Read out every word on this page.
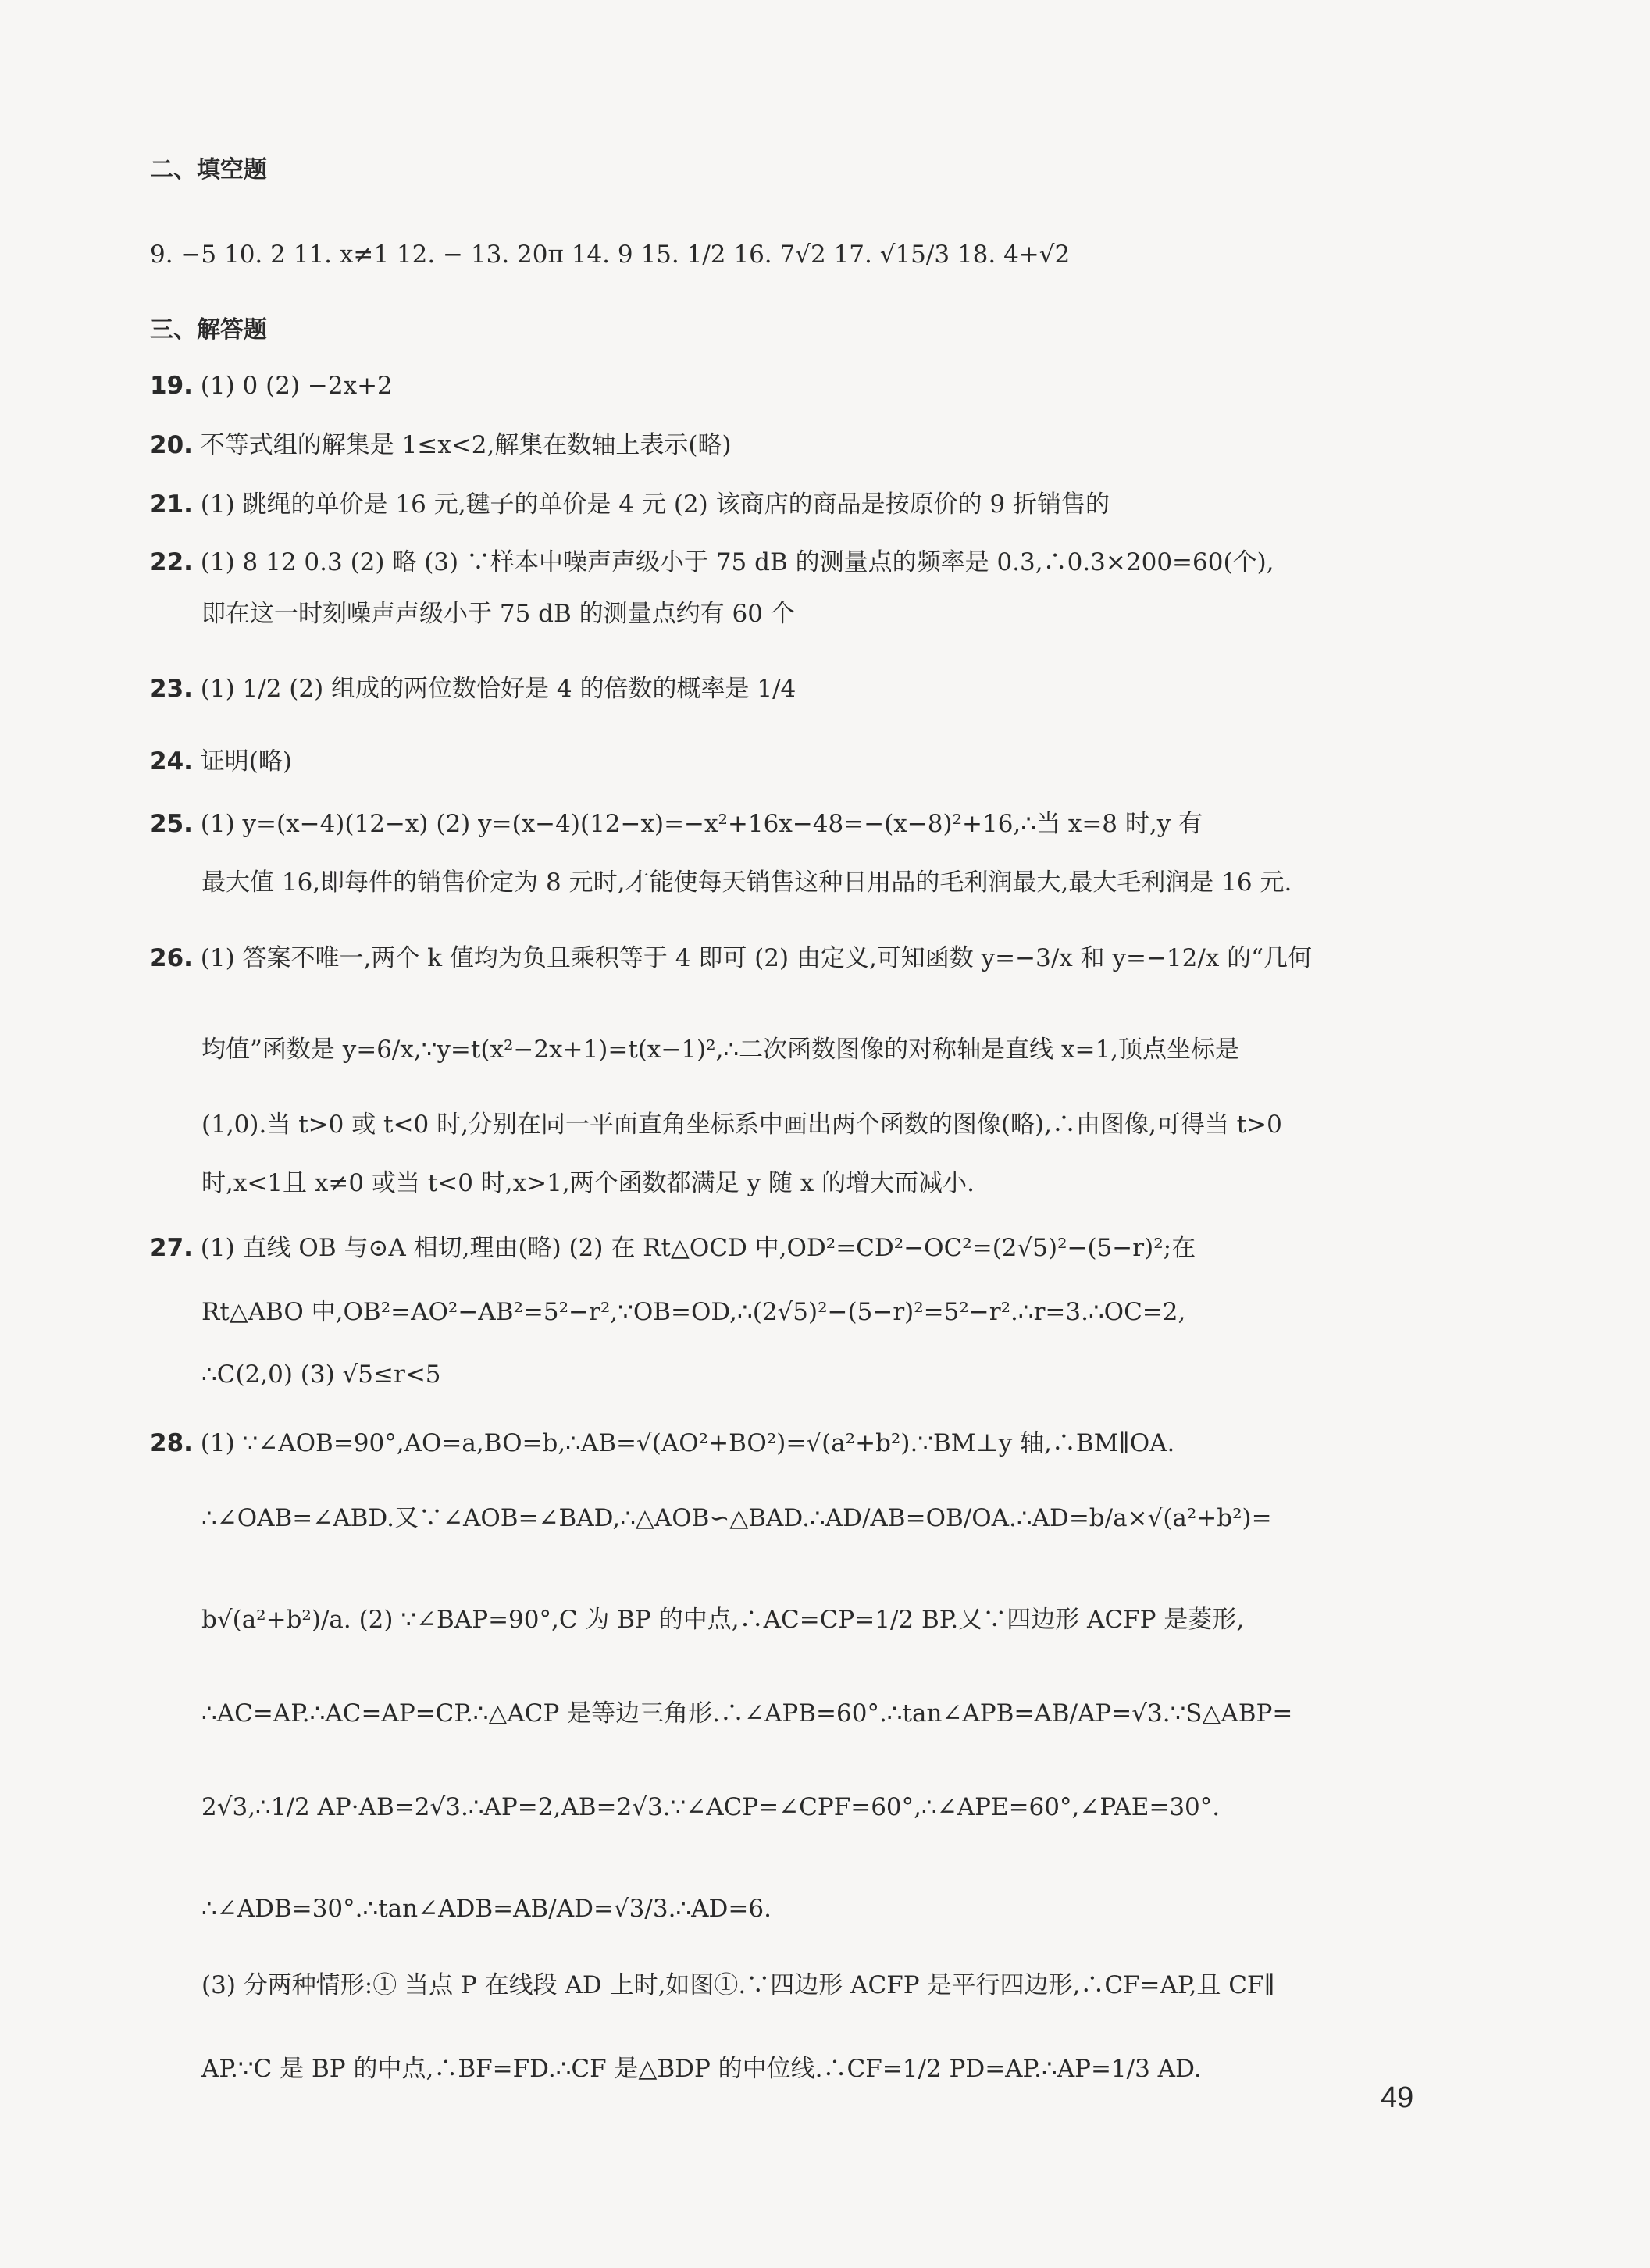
二、填空题
9. −5 10. 2 11. x≠1 12. − 13. 20π 14. 9 15. 1/2 16. 7√2 17. √15/3 18. 4+√2
三、解答题
19. (1) 0 (2) −2x+2
20. 不等式组的解集是 1≤x<2,解集在数轴上表示(略)
21. (1) 跳绳的单价是 16 元,毽子的单价是 4 元 (2) 该商店的商品是按原价的 9 折销售的
22. (1) 8 12 0.3 (2) 略 (3) ∵样本中噪声声级小于 75 dB 的测量点的频率是 0.3,∴0.3×200=60(个),
即在这一时刻噪声声级小于 75 dB 的测量点约有 60 个
23. (1) 1/2 (2) 组成的两位数恰好是 4 的倍数的概率是 1/4
24. 证明(略)
25. (1) y=(x−4)(12−x) (2) y=(x−4)(12−x)=−x²+16x−48=−(x−8)²+16,∴当 x=8 时,y 有
最大值 16,即每件的销售价定为 8 元时,才能使每天销售这种日用品的毛利润最大,最大毛利润是 16 元.
26. (1) 答案不唯一,两个 k 值均为负且乘积等于 4 即可 (2) 由定义,可知函数 y=−3/x 和 y=−12/x 的“几何
均值”函数是 y=6/x,∵y=t(x²−2x+1)=t(x−1)²,∴二次函数图像的对称轴是直线 x=1,顶点坐标是
(1,0).当 t>0 或 t<0 时,分别在同一平面直角坐标系中画出两个函数的图像(略),∴由图像,可得当 t>0
时,x<1且 x≠0 或当 t<0 时,x>1,两个函数都满足 y 随 x 的增大而减小.
27. (1) 直线 OB 与⊙A 相切,理由(略) (2) 在 Rt△OCD 中,OD²=CD²−OC²=(2√5)²−(5−r)²;在
Rt△ABO 中,OB²=AO²−AB²=5²−r²,∵OB=OD,∴(2√5)²−(5−r)²=5²−r².∴r=3.∴OC=2,
∴C(2,0) (3) √5≤r<5
28. (1) ∵∠AOB=90°,AO=a,BO=b,∴AB=√(AO²+BO²)=√(a²+b²).∵BM⊥y 轴,∴BM∥OA.
∴∠OAB=∠ABD.又∵∠AOB=∠BAD,∴△AOB∽△BAD.∴AD/AB=OB/OA.∴AD=b/a×√(a²+b²)=
b√(a²+b²)/a. (2) ∵∠BAP=90°,C 为 BP 的中点,∴AC=CP=1/2 BP.又∵四边形 ACFP 是菱形,
∴AC=AP.∴AC=AP=CP.∴△ACP 是等边三角形.∴∠APB=60°.∴tan∠APB=AB/AP=√3.∵S△ABP=
2√3,∴1/2 AP·AB=2√3.∴AP=2,AB=2√3.∵∠ACP=∠CPF=60°,∴∠APE=60°,∠PAE=30°.
∴∠ADB=30°.∴tan∠ADB=AB/AD=√3/3.∴AD=6.
(3) 分两种情形:① 当点 P 在线段 AD 上时,如图①.∵四边形 ACFP 是平行四边形,∴CF=AP,且 CF∥
AP.∵C 是 BP 的中点,∴BF=FD.∴CF 是△BDP 的中位线.∴CF=1/2 PD=AP.∴AP=1/3 AD.
49
